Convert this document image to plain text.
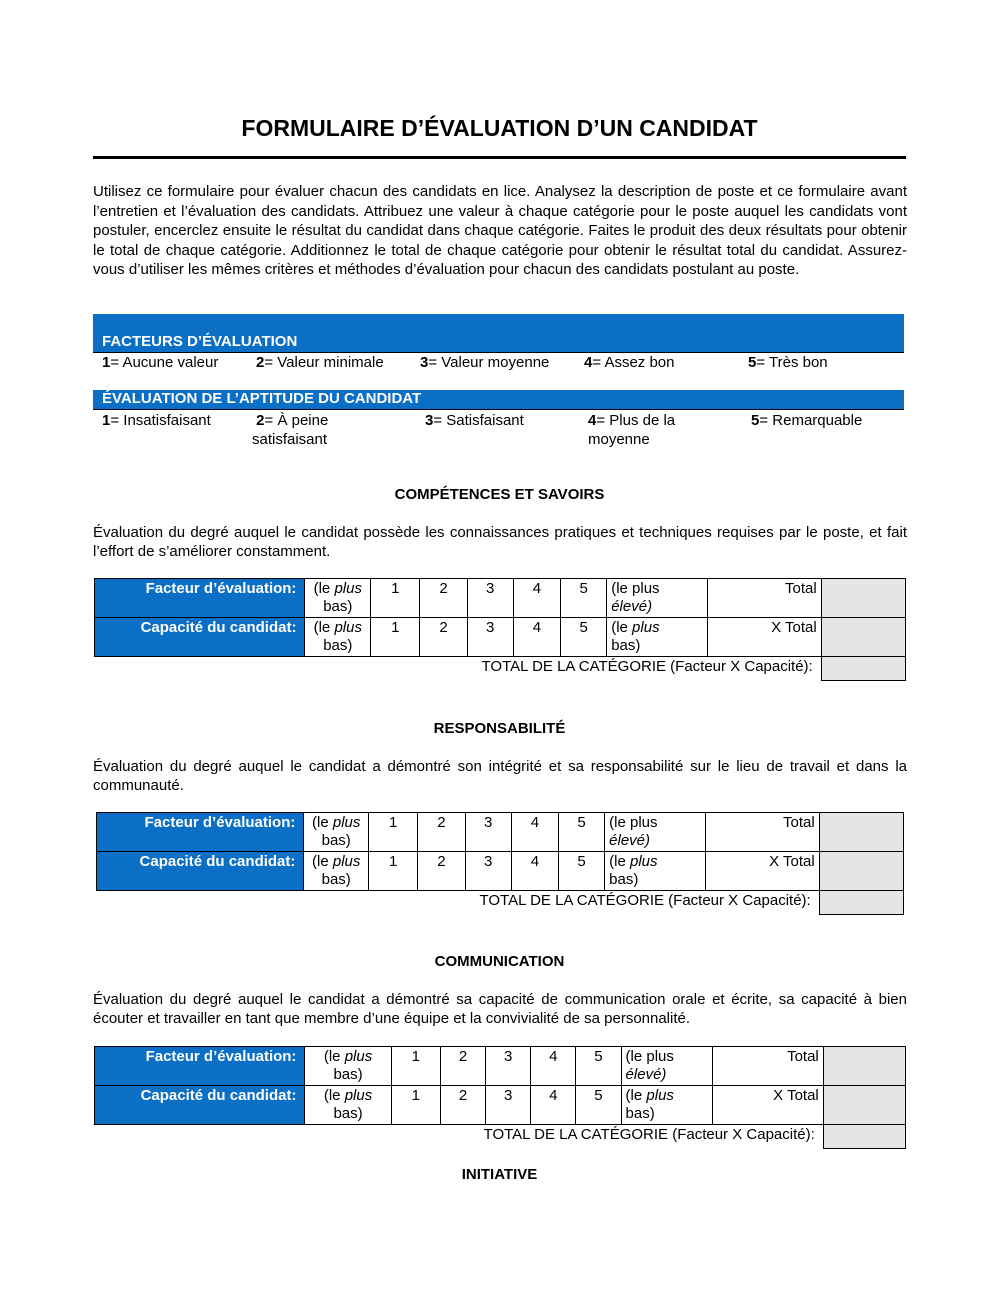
FORMULAIRE D’ÉVALUATION D’UN CANDIDAT
Utilisez ce formulaire pour évaluer chacun des candidats en lice. Analysez la description de poste et ce formulaire avant l’entretien et l’évaluation des candidats. Attribuez une valeur à chaque catégorie pour le poste auquel les candidats vont postuler, encerclez ensuite le résultat du candidat dans chaque catégorie. Faites le produit des deux résultats pour obtenir le total de chaque catégorie. Additionnez le total de chaque catégorie pour obtenir le résultat total du candidat. Assurez-vous d’utiliser les mêmes critères et méthodes d’évaluation pour chacun des candidats postulant au poste.
FACTEURS D’ÉVALUATION
1= Aucune valeur	2= Valeur minimale 3= Valeur moyenne 4= Assez bon	5= Très bon
ÉVALUATION DE L’APTITUDE DU CANDIDAT
1= Insatisfaisant	2= À peine
satisfaisant
3= Satisfaisant	4= Plus de la
moyenne
5= Remarquable
COMPÉTENCES ET SAVOIRS
Évaluation du degré auquel le candidat possède les connaissances pratiques et techniques requises par le poste, et fait l’effort de s’améliorer constamment.
Facteur d’évaluation:	(le plus
bas)	1	2	3	4	5	(le plus
élevé)	Total	
Capacité du candidat:	(le plus
bas)	1	2	3	4	5	(le plus
bas)	X Total	
TOTAL DE LA CATÉGORIE (Facteur X Capacité):									
RESPONSABILITÉ
Évaluation du degré auquel le candidat a démontré son intégrité et sa responsabilité sur le lieu de travail et dans la communauté.
Facteur d’évaluation:	(le plus
bas)	1	2	3	4	5	(le plus
élevé)	Total	
Capacité du candidat:	(le plus
bas)	1	2	3	4	5	(le plus
bas)	X Total	
TOTAL DE LA CATÉGORIE (Facteur X Capacité):									
COMMUNICATION
Évaluation du degré auquel le candidat a démontré sa capacité de communication orale et écrite, sa capacité à bien écouter et travailler en tant que membre d’une équipe et la convivialité de sa personnalité.
Facteur d’évaluation:	(le plus
bas)	1	2	3	4	5	(le plus
élevé)	Total	
Capacité du candidat:	(le plus
bas)	1	2	3	4	5	(le plus
bas)	X Total	
TOTAL DE LA CATÉGORIE (Facteur X Capacité):									
INITIATIVE
